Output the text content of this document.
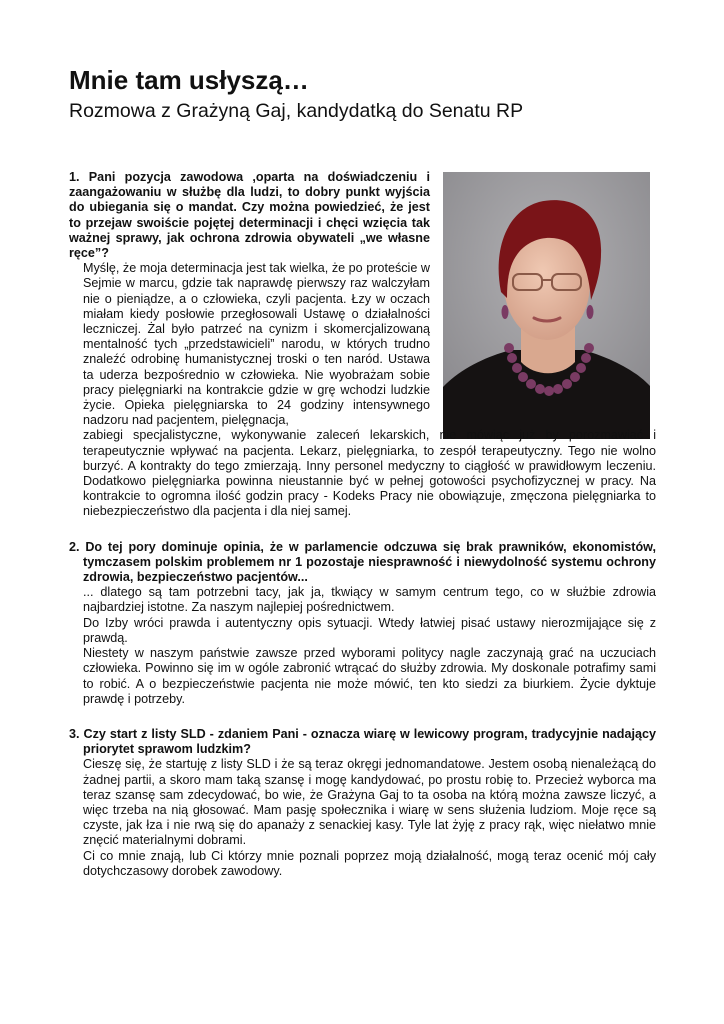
Mnie tam usłyszą…
Rozmowa z Grażyną Gaj, kandydatką do Senatu RP

1. Pani pozycja zawodowa ,oparta na doświadczeniu i zaangażowaniu w służbę dla ludzi, to dobry punkt wyjścia do ubiegania się o mandat. Czy można powiedzieć, że jest to przejaw swoiście pojętej determinacji i chęci wzięcia tak ważnej sprawy, jak ochrona zdrowia obywateli „we własne ręce”?

Myślę, że moja determinacja jest tak wielka, że po proteście w Sejmie w marcu, gdzie tak naprawdę pierwszy raz walczyłam nie o pieniądze, a o człowieka, czyli pacjenta. Łzy w oczach miałam kiedy posłowie przegłosowali Ustawę o działalności leczniczej. Żal było patrzeć na cynizm i skomercjalizowaną mentalność tych „przedstawicieli” narodu, w których trudno znaleźć odrobinę humanistycznej troski o ten naród. Ustawa ta uderza bezpośrednio w człowieka. Nie wyobrażam sobie pracy pielęgniarki na kontrakcie gdzie w grę wchodzi ludzkie życie. Opieka pielęgniarska to 24 godziny intensywnego nadzoru nad pacjentem, pielęgnacja,

zabiegi specjalistyczne, wykonywanie zaleceń lekarskich, nie mówiąc już by porozmawiać i terapeutycznie wpływać na pacjenta. Lekarz, pielęgniarka, to zespół terapeutyczny. Tego nie wolno burzyć. A kontrakty do tego zmierzają. Inny personel medyczny to ciągłość w prawidłowym leczeniu. Dodatkowo pielęgniarka powinna nieustannie być w pełnej gotowości psychofizycznej w pracy. Na kontrakcie to ogromna ilość godzin pracy - Kodeks Pracy nie obowiązuje, zmęczona pielęgniarka to niebezpieczeństwo dla pacjenta i dla niej samej.

2. Do tej pory dominuje opinia, że w parlamencie odczuwa się brak prawników, ekonomistów, tymczasem polskim problemem nr 1 pozostaje niesprawność i niewydolność systemu ochrony zdrowia, bezpieczeństwo pacjentów...

... dlatego są tam potrzebni tacy, jak ja, tkwiący w samym centrum tego, co w służbie zdrowia najbardziej istotne. Za naszym najlepiej pośrednictwem.

Do Izby wróci prawda i autentyczny opis sytuacji. Wtedy łatwiej pisać ustawy nierozmijające się z prawdą.

Niestety w naszym państwie zawsze przed wyborami politycy nagle zaczynają grać na uczuciach człowieka. Powinno się im w ogóle zabronić wtrącać do służby zdrowia. My doskonale potrafimy sami to robić. A o bezpieczeństwie pacjenta nie może mówić, ten kto siedzi za biurkiem. Życie dyktuje prawdę i potrzeby.

3. Czy start z listy SLD - zdaniem Pani - oznacza wiarę w lewicowy program, tradycyjnie nadający priorytet sprawom ludzkim?

Cieszę się, że startuję z listy SLD i że są teraz okręgi jednomandatowe. Jestem osobą nienależącą do żadnej partii, a skoro mam taką szansę i mogę kandydować, po prostu robię to. Przecież wyborca ma teraz szansę sam zdecydować, bo wie, że Grażyna Gaj to ta osoba na którą można zawsze liczyć, a więc trzeba na nią głosować. Mam pasję społecznika i wiarę w sens służenia ludziom. Moje ręce są czyste, jak łza i nie rwą się do apanaży z senackiej kasy. Tyle lat żyję z pracy rąk, więc niełatwo mnie znęcić materialnymi dobrami.

Ci co mnie znają, lub Ci którzy mnie poznali poprzez moją działalność, mogą teraz ocenić mój cały dotychczasowy dorobek zawodowy.
